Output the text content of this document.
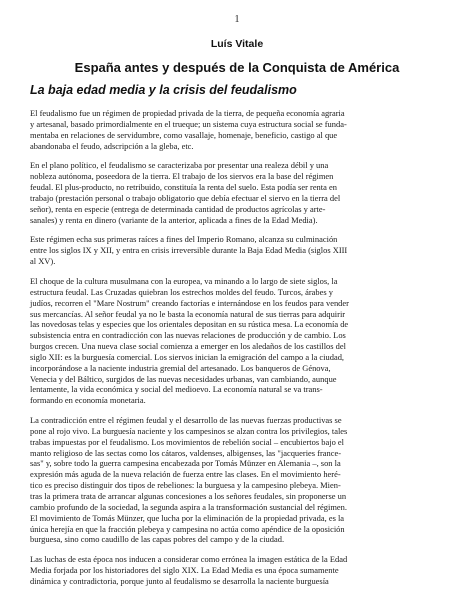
1
Luís Vitale
España antes y después de la Conquista de América
La baja edad media y la crisis del feudalismo

El feudalismo fue un régimen de propiedad privada de la tierra, de pequeña economía agraria
y artesanal, basado primordialmente en el trueque; un sistema cuya estructura social se funda-
mentaba en relaciones de servidumbre, como vasallaje, homenaje, beneficio, castigo al que
abandonaba el feudo, adscripción a la gleba, etc.

En el plano político, el feudalismo se caracterizaba por presentar una realeza débil y una
nobleza autónoma, poseedora de la tierra. El trabajo de los siervos era la base del régimen
feudal. El plus-producto, no retribuido, constituía la renta del suelo. Esta podía ser renta en
trabajo (prestación personal o trabajo obligatorio que debía efectuar el siervo en la tierra del
señor), renta en especie (entrega de determinada cantidad de productos agrícolas y arte-
sanales) y renta en dinero (variante de la anterior, aplicada a fines de la Edad Media).

Este régimen echa sus primeras raíces a fines del Imperio Romano, alcanza su culminación
entre los siglos IX y XII, y entra en crisis irreversible durante la Baja Edad Media (siglos XIII
al XV).

El choque de la cultura musulmana con la europea, va minando a lo largo de siete siglos, la
estructura feudal. Las Cruzadas quiebran los estrechos moldes del feudo. Turcos, árabes y
judíos, recorren el "Mare Nostrum" creando factorías e internándose en los feudos para vender
sus mercancías. Al señor feudal ya no le basta la economía natural de sus tierras para adquirir
las novedosas telas y especies que los orientales depositan en su rústica mesa. La economía de
subsistencia entra en contradicción con las nuevas relaciones de producción y de cambio. Los
burgos crecen. Una nueva clase social comienza a emerger en los aledaños de los castillos del
siglo XII: es la burguesía comercial. Los siervos inician la emigración del campo a la ciudad,
incorporándose a la naciente industria gremial del artesanado. Los banqueros de Génova,
Venecia y del Báltico, surgidos de las nuevas necesidades urbanas, van cambiando, aunque
lentamente, la vida económica y social del medioevo. La economía natural se va trans-
formando en economía monetaria.

La contradicción entre el régimen feudal y el desarrollo de las nuevas fuerzas productivas se
pone al rojo vivo. La burguesía naciente y los campesinos se alzan contra los privilegios, tales
trabas impuestas por el feudalismo. Los movimientos de rebelión social – encubiertos bajo el
manto religioso de las sectas como los cátaros, valdenses, albigenses, las "jacqueries france-
sas" y, sobre todo la guerra campesina encabezada por Tomás Münzer en Alemania –, son la
expresión más aguda de la nueva relación de fuerza entre las clases. En el movimiento heré-
tico es preciso distinguir dos tipos de rebeliones: la burguesa y la campesino plebeya. Mien-
tras la primera trata de arrancar algunas concesiones a los señores feudales, sin proponerse un
cambio profundo de la sociedad, la segunda aspira a la transformación sustancial del régimen.
El movimiento de Tomás Münzer, que lucha por la eliminación de la propiedad privada, es la
única herejía en que la fracción plebeya y campesina no actúa como apéndice de la oposición
burguesa, sino como caudillo de las capas pobres del campo y de la ciudad.

Las luchas de esta época nos inducen a considerar como errónea la imagen estática de la Edad
Media forjada por los historiadores del siglo XIX. La Edad Media es una época sumamente
dinámica y contradictoria, porque junto al feudalismo se desarrolla la naciente burguesía
